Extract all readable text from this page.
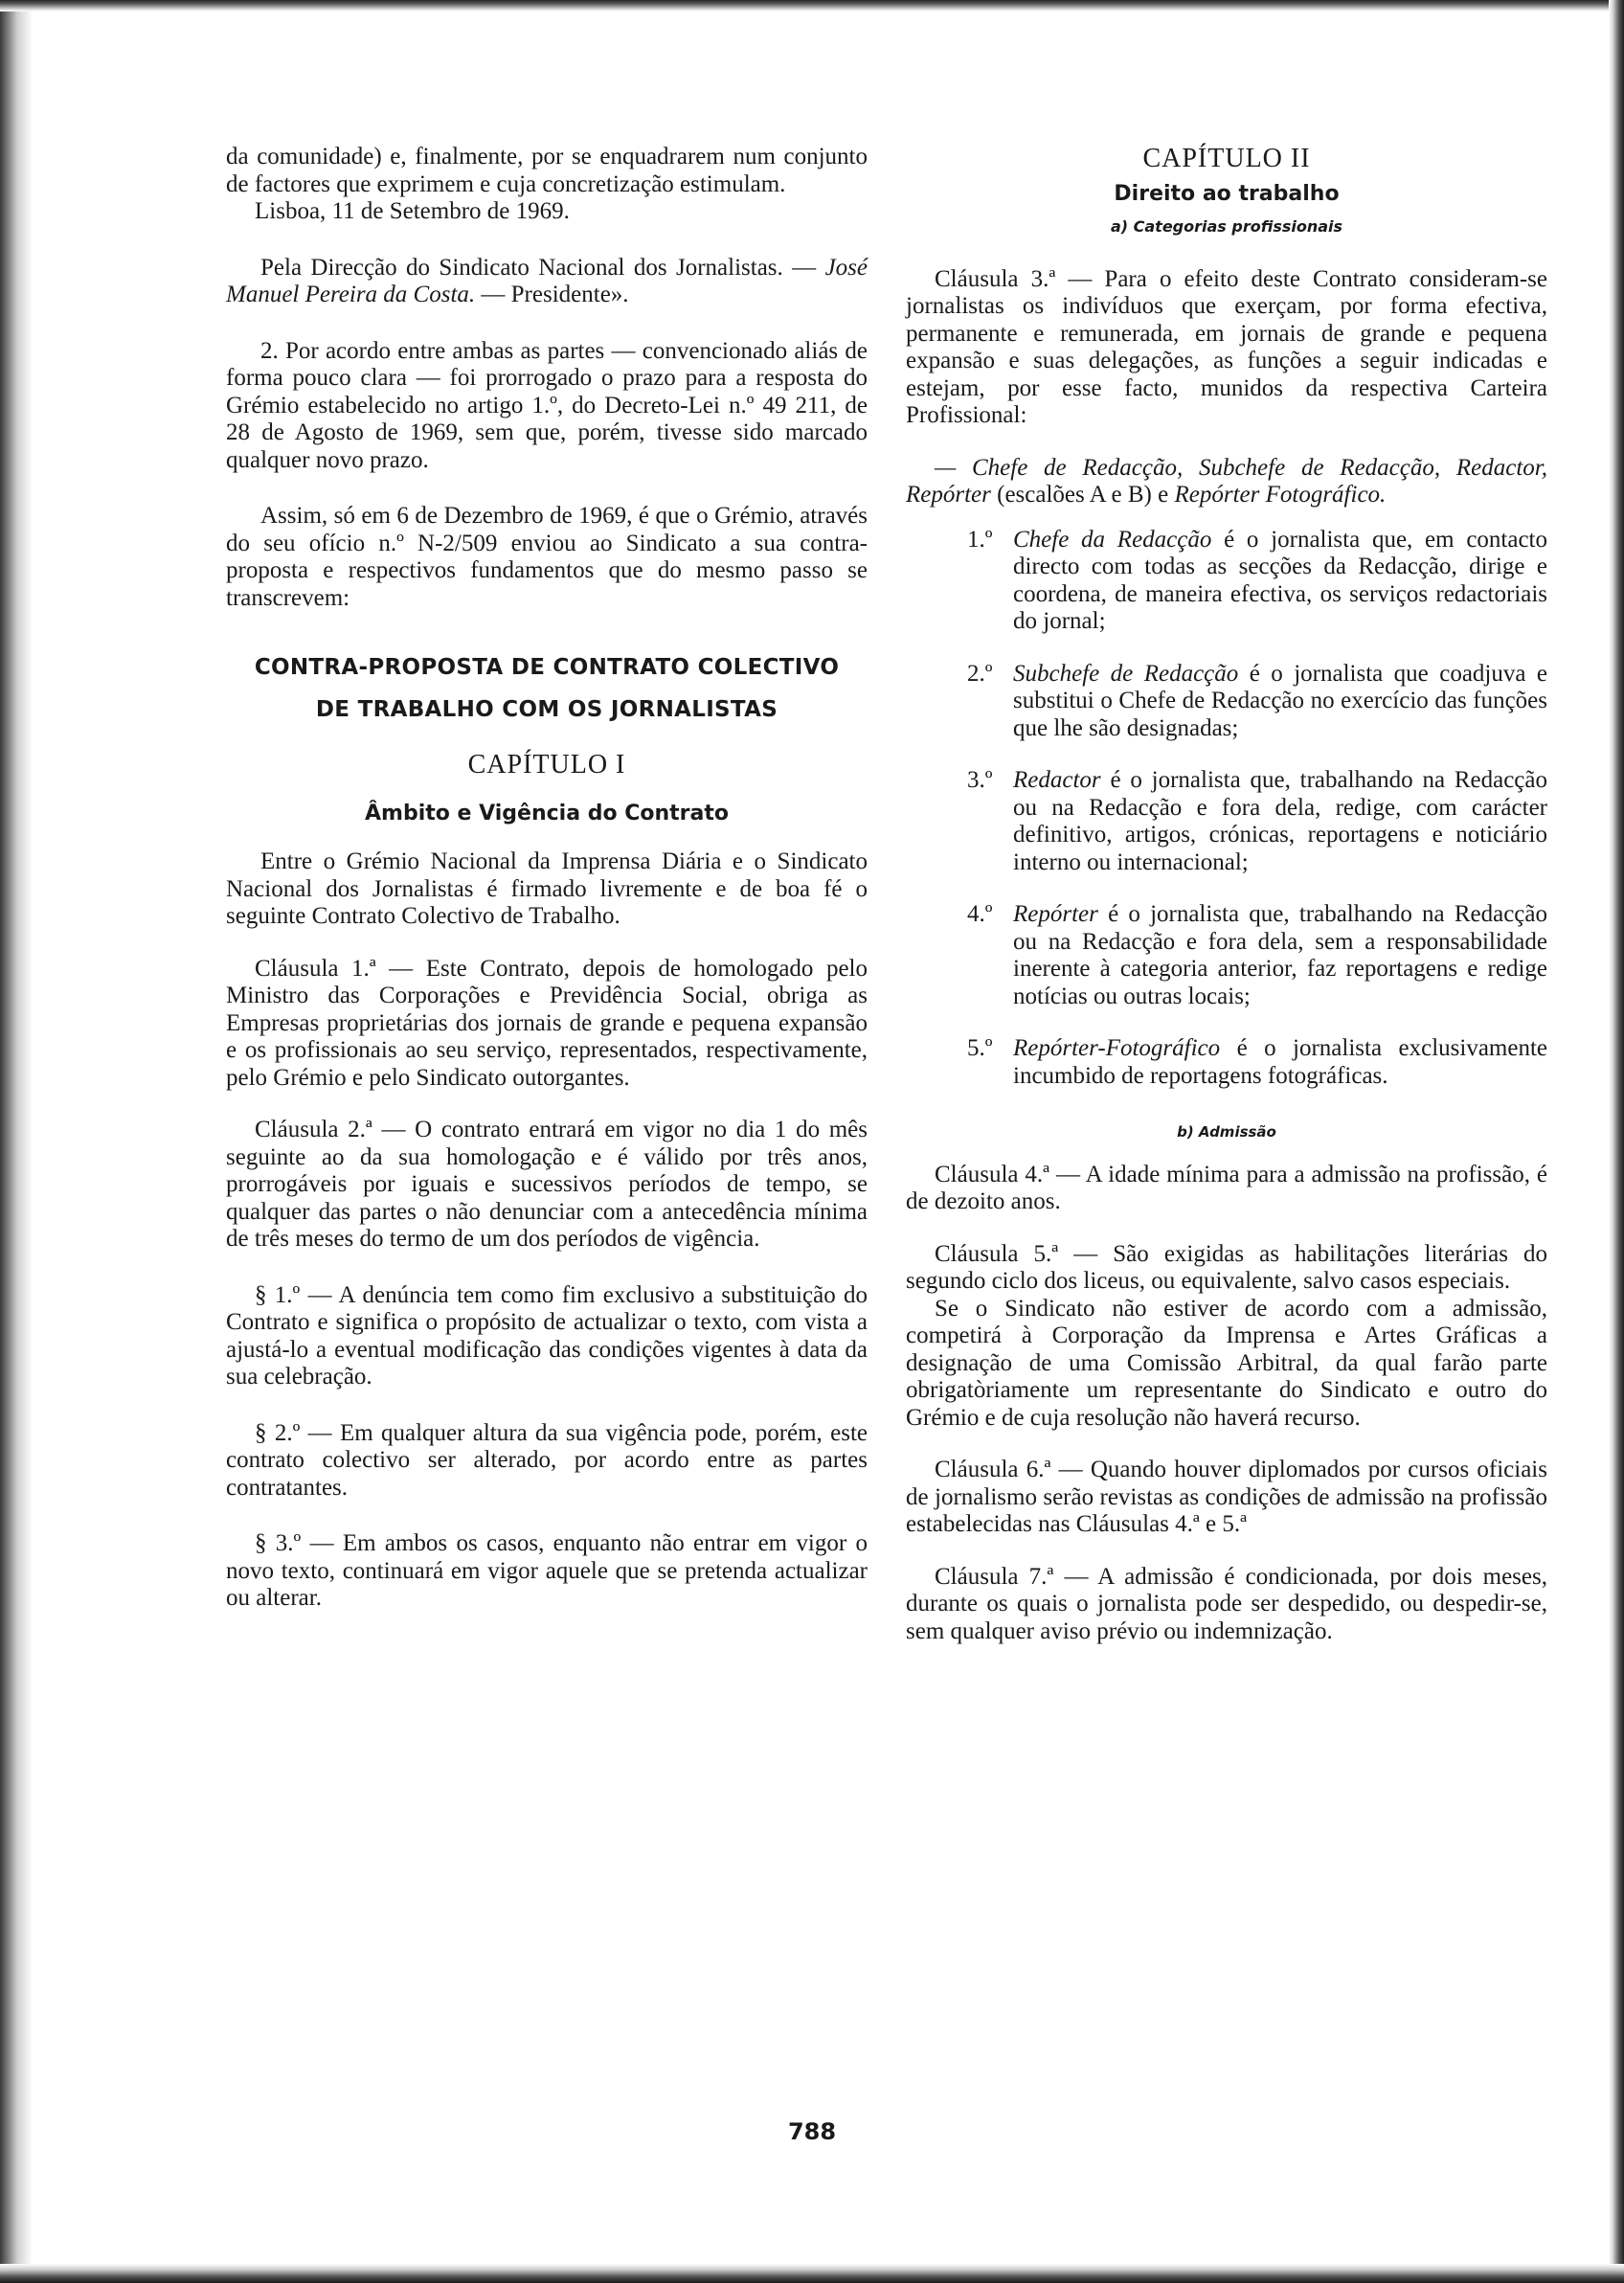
da comunidade) e, finalmente, por se enquadrarem num conjunto de factores que exprimem e cuja concretização estimulam.

Lisboa, 11 de Setembro de 1969.

Pela Direcção do Sindicato Nacional dos Jornalistas. — José Manuel Pereira da Costa. — Presidente».

2. Por acordo entre ambas as partes — convencionado aliás de forma pouco clara — foi prorrogado o prazo para a resposta do Grémio estabelecido no artigo 1.º, do Decreto-Lei n.º 49 211, de 28 de Agosto de 1969, sem que, porém, tivesse sido marcado qualquer novo prazo.

Assim, só em 6 de Dezembro de 1969, é que o Grémio, através do seu ofício n.º N-2/509 enviou ao Sindicato a sua contra-proposta e respectivos fundamentos que do mesmo passo se transcrevem:

CONTRA-PROPOSTA DE CONTRATO COLECTIVO
DE TRABALHO COM OS JORNALISTAS

CAPÍTULO I

Âmbito e Vigência do Contrato

Entre o Grémio Nacional da Imprensa Diária e o Sindicato Nacional dos Jornalistas é firmado livremente e de boa fé o seguinte Contrato Colectivo de Trabalho.

Cláusula 1.ª — Este Contrato, depois de homologado pelo Ministro das Corporações e Previdência Social, obriga as Empresas proprietárias dos jornais de grande e pequena expansão e os profissionais ao seu serviço, representados, respectivamente, pelo Grémio e pelo Sindicato outorgantes.

Cláusula 2.ª — O contrato entrará em vigor no dia 1 do mês seguinte ao da sua homologação e é válido por três anos, prorrogáveis por iguais e sucessivos períodos de tempo, se qualquer das partes o não denunciar com a antecedência mínima de três meses do termo de um dos períodos de vigência.

§ 1.º — A denúncia tem como fim exclusivo a substituição do Contrato e significa o propósito de actualizar o texto, com vista a ajustá-lo a eventual modificação das condições vigentes à data da sua celebração.

§ 2.º — Em qualquer altura da sua vigência pode, porém, este contrato colectivo ser alterado, por acordo entre as partes contratantes.

§ 3.º — Em ambos os casos, enquanto não entrar em vigor o novo texto, continuará em vigor aquele que se pretenda actualizar ou alterar.

CAPÍTULO II

Direito ao trabalho

a) Categorias profissionais

Cláusula 3.ª — Para o efeito deste Contrato consideram-se jornalistas os indivíduos que exerçam, por forma efectiva, permanente e remunerada, em jornais de grande e pequena expansão e suas delegações, as funções a seguir indicadas e estejam, por esse facto, munidos da respectiva Carteira Profissional:

— Chefe de Redacção, Subchefe de Redacção, Redactor, Repórter (escalões A e B) e Repórter Fotográfico.

1.º Chefe da Redacção é o jornalista que, em contacto directo com todas as secções da Redacção, dirige e coordena, de maneira efectiva, os serviços redactoriais do jornal;
2.º Subchefe de Redacção é o jornalista que coadjuva e substitui o Chefe de Redacção no exercício das funções que lhe são designadas;
3.º Redactor é o jornalista que, trabalhando na Redacção ou na Redacção e fora dela, redige, com carácter definitivo, artigos, crónicas, reportagens e noticiário interno ou internacional;
4.º Repórter é o jornalista que, trabalhando na Redacção ou na Redacção e fora dela, sem a responsabilidade inerente à categoria anterior, faz reportagens e redige notícias ou outras locais;
5.º Repórter-Fotográfico é o jornalista exclusivamente incumbido de reportagens fotográficas.

b) Admissão

Cláusula 4.ª — A idade mínima para a admissão na profissão, é de dezoito anos.

Cláusula 5.ª — São exigidas as habilitações literárias do segundo ciclo dos liceus, ou equivalente, salvo casos especiais.

Se o Sindicato não estiver de acordo com a admissão, competirá à Corporação da Imprensa e Artes Gráficas a designação de uma Comissão Arbitral, da qual farão parte obrigatòriamente um representante do Sindicato e outro do Grémio e de cuja resolução não haverá recurso.

Cláusula 6.ª — Quando houver diplomados por cursos oficiais de jornalismo serão revistas as condições de admissão na profissão estabelecidas nas Cláusulas 4.ª e 5.ª

Cláusula 7.ª — A admissão é condicionada, por dois meses, durante os quais o jornalista pode ser despedido, ou despedir-se, sem qualquer aviso prévio ou indemnização.

788
